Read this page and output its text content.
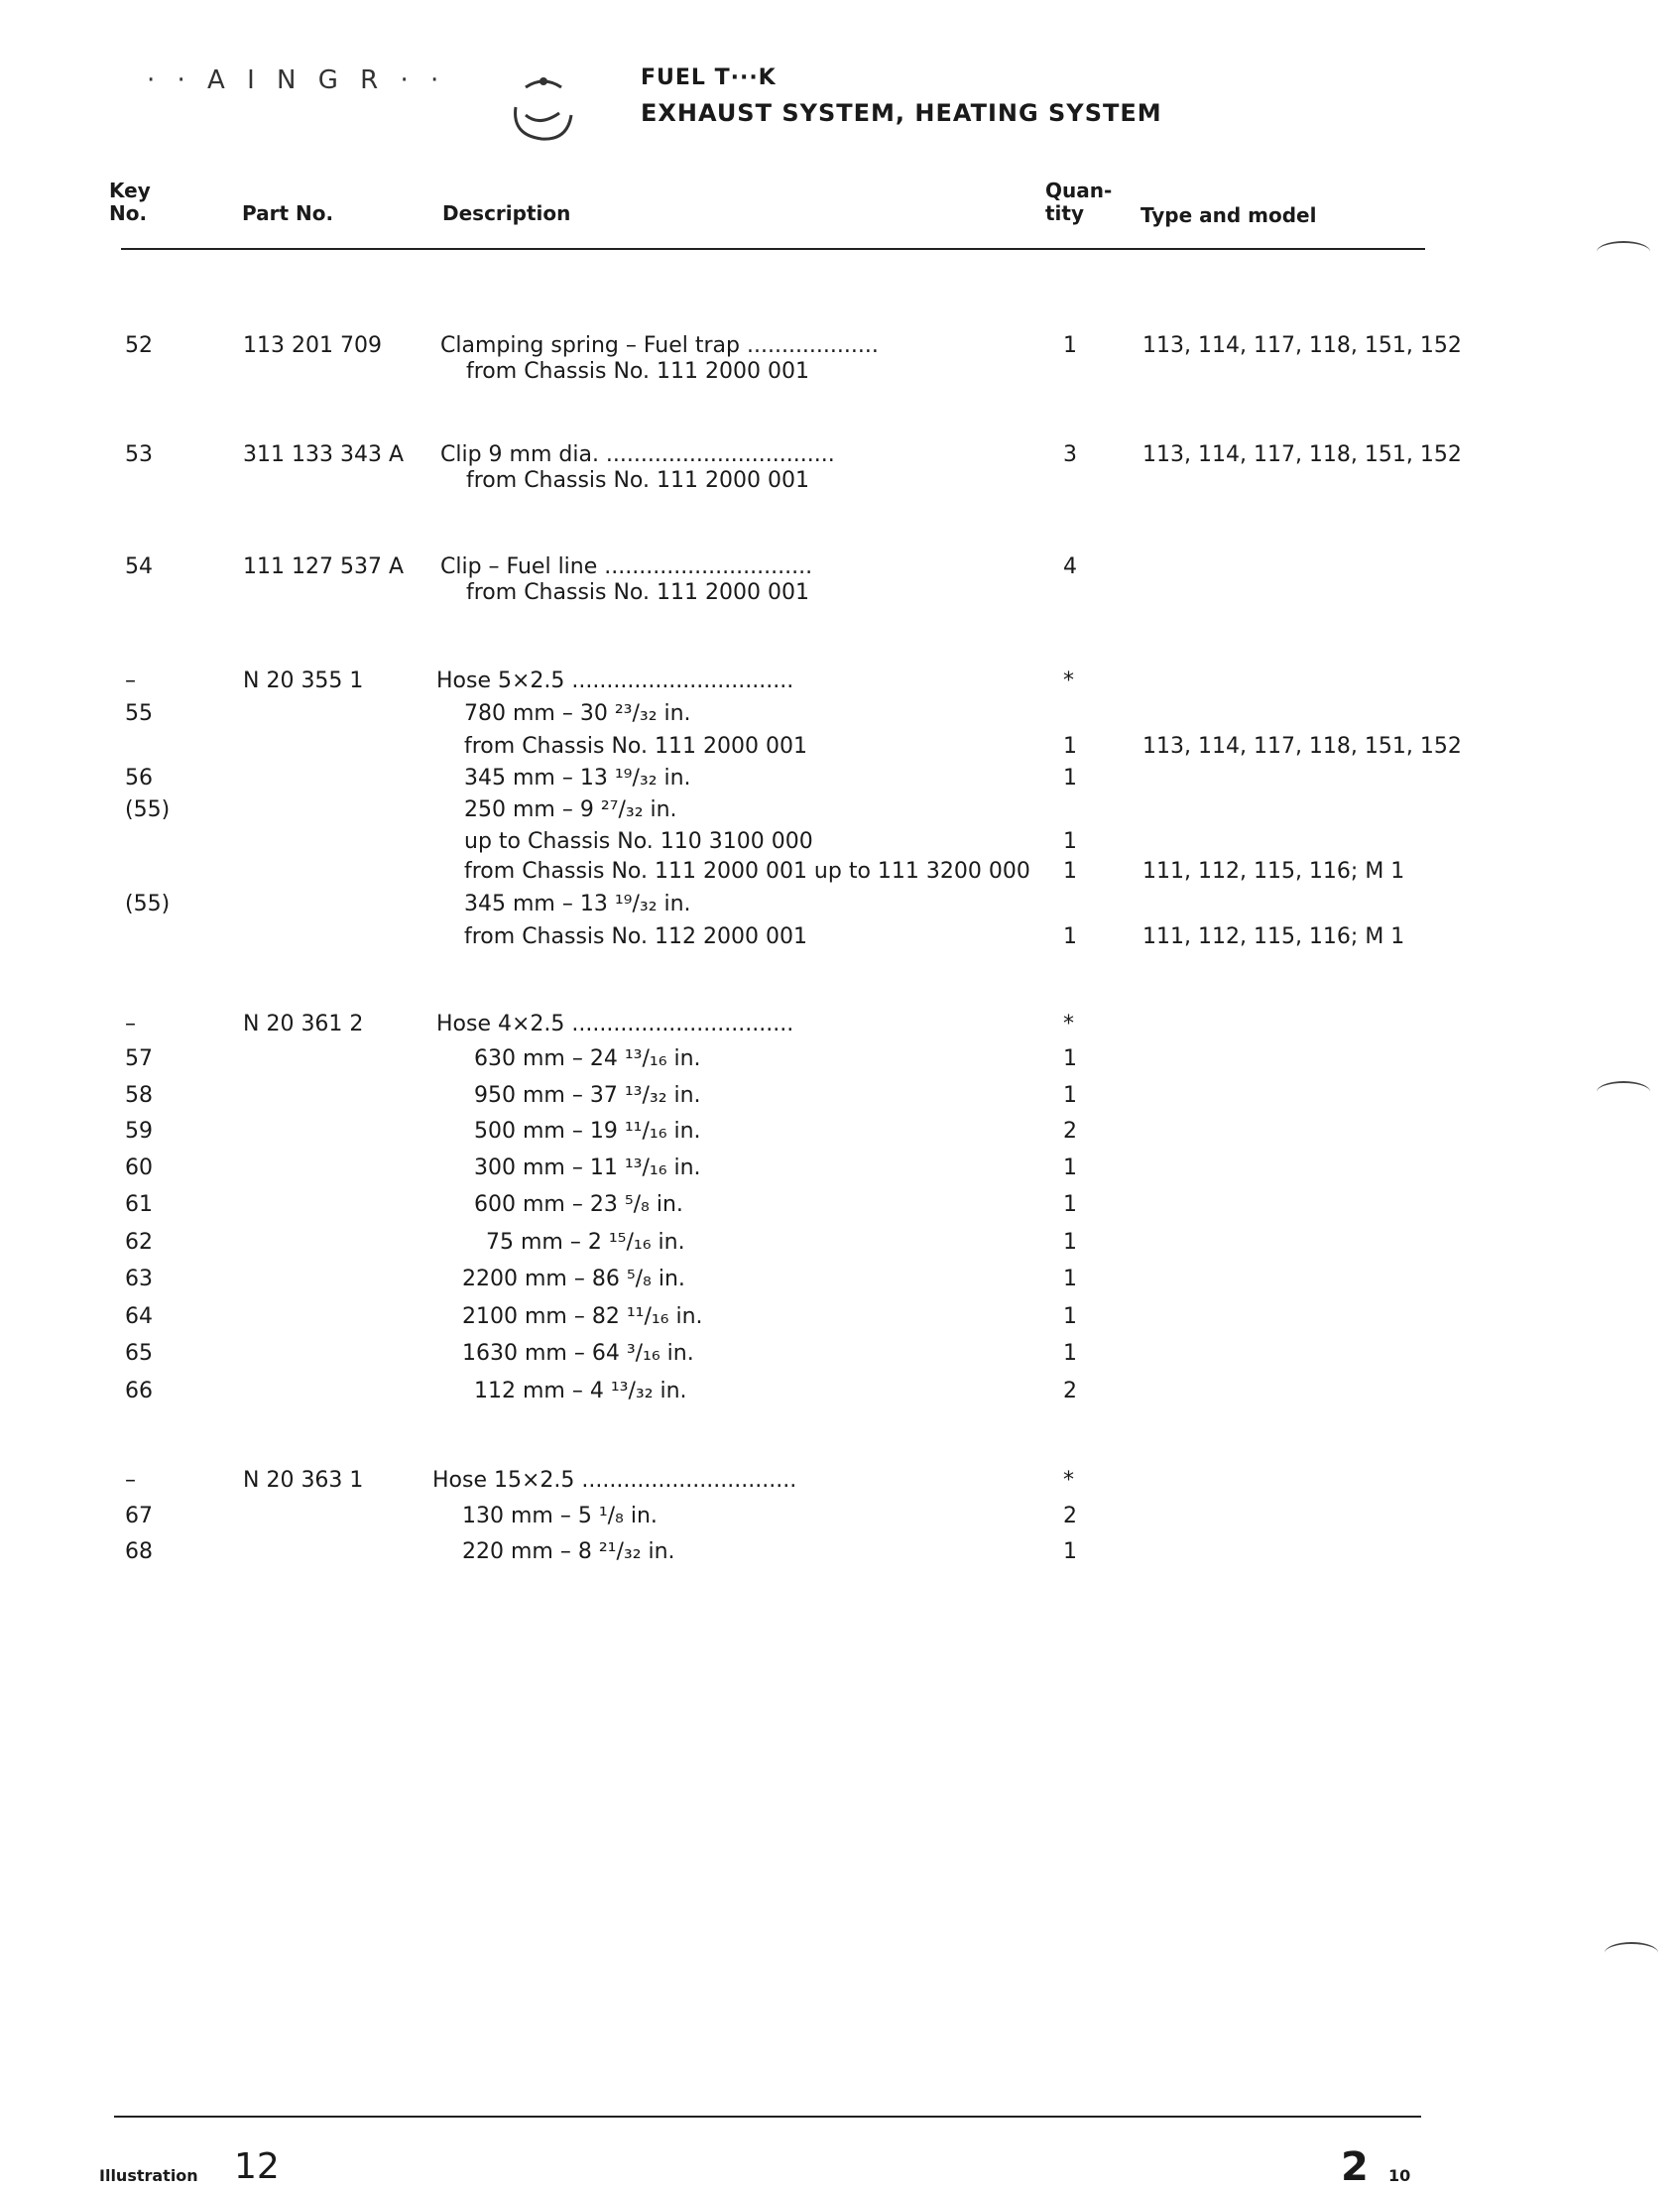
· · A I N G R · ·	FUEL T···K
EXHAUST SYSTEM, HEATING SYSTEM
Key
No.	Part No.	Description
Quan-
tity	Type and model
52	113 201 709	Clamping spring – Fuel trap ...................	1	113, 114, 117, 118, 151, 152
from Chassis No. 111 2000 001
53	311 133 343 A Clip 9 mm dia. .................................	3	113, 114, 117, 118, 151, 152
from Chassis No. 111 2000 001
54	111 127 537 A Clip – Fuel line ..............................	4
from Chassis No. 111 2000 001
–	N 20 355 1	Hose 5×2.5 ................................	*
55	780 mm – 30 ²³/₃₂ in.
from Chassis No. 111 2000 001	1	113, 114, 117, 118, 151, 152
56	345 mm – 13 ¹⁹/₃₂ in.	1
(55)	250 mm – 9 ²⁷/₃₂ in.
up to Chassis No. 110 3100 000	1
from Chassis No. 111 2000 001 up to 111 3200 000 1	111, 112, 115, 116; M 1
(55)	345 mm – 13 ¹⁹/₃₂ in.
from Chassis No. 112 2000 001	1	111, 112, 115, 116; M 1
–	N 20 361 2	Hose 4×2.5 ................................	*
57	630 mm – 24 ¹³/₁₆ in.	1
58	950 mm – 37 ¹³/₃₂ in.	1
59	500 mm – 19 ¹¹/₁₆ in.	2
60	300 mm – 11 ¹³/₁₆ in.	1
61	600 mm – 23 ⁵/₈ in.	1
62	75 mm – 2 ¹⁵/₁₆ in.	1
63	2200 mm – 86 ⁵/₈ in.	1
64	2100 mm – 82 ¹¹/₁₆ in.	1
65	1630 mm – 64 ³/₁₆ in.	1
66	112 mm – 4 ¹³/₃₂ in.	2
–	N 20 363 1	Hose 15×2.5 ...............................	*
67	130 mm – 5 ¹/₈ in.	2
68	220 mm – 8 ²¹/₃₂ in.	1
Illustration 12	2 10
